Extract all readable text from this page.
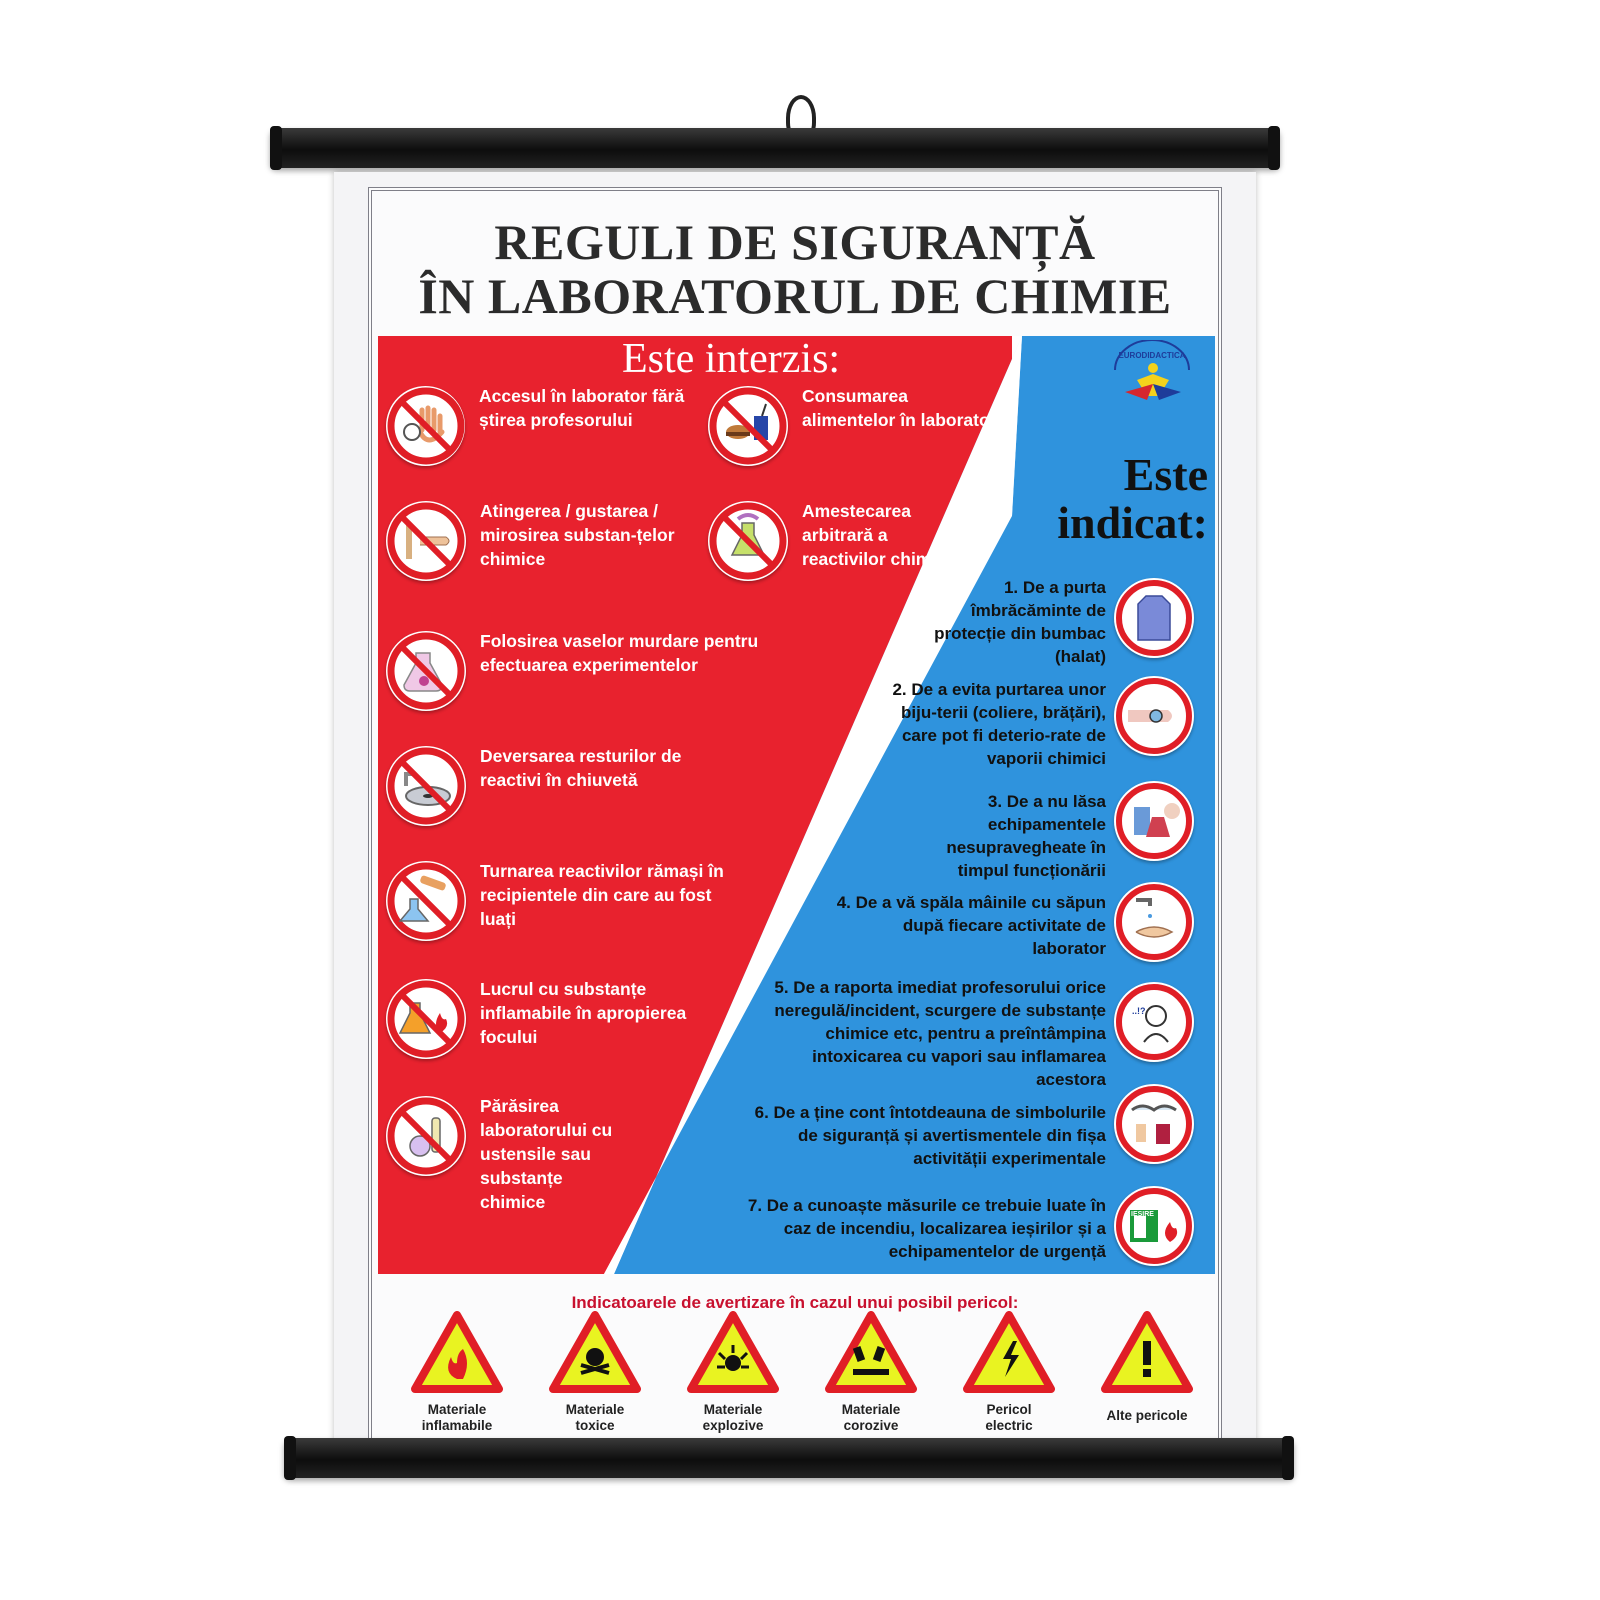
REGULI DE SIGURANȚĂ
ÎN LABORATORUL DE CHIMIE
Este interzis:	EURODIDACTICA
Este
indicat:
Accesul în laborator fără știrea profesorului
Consumarea alimentelor în laborator
Atingerea / gustarea / mirosirea substan-țelor chimice
Amestecarea arbitrară a reactivilor chimici
Folosirea vaselor murdare pentru efectuarea experimentelor
Deversarea resturilor de reactivi în chiuvetă
Turnarea reactivilor rămași în recipientele din care au fost luați
Lucrul cu substanțe inflamabile în apropierea focului
Părăsirea laboratorului cu ustensile sau substanțe chimice
1. De a purta îmbrăcăminte de protecție din bumbac (halat)
2. De a evita purtarea unor biju-terii (coliere, brățări), care pot fi deterio-rate de vaporii chimici
3. De a nu lăsa echipamentele nesupravegheate în timpul funcționării
4. De a vă spăla mâinile cu săpun după fiecare activitate de laborator
5. De a raporta imediat profesorului orice neregulă/incident, scurgere de substanțe chimice etc, pentru a preîntâmpina intoxicarea cu vapori sau inflamarea acestora
..!?
6. De a ține cont întotdeauna de simbolurile de siguranță și avertismentele din fișa activității experimentale
7. De a cunoaște măsurile ce trebuie luate în caz de incendiu, localizarea ieșirilor și a echipamentelor de urgență
IEȘIRE
Indicatoarele de avertizare în cazul unui posibil pericol:
Materiale
inflamabile
Materiale
toxice
Materiale
explozive
Materiale
corozive
Pericol
electric
Alte pericole
